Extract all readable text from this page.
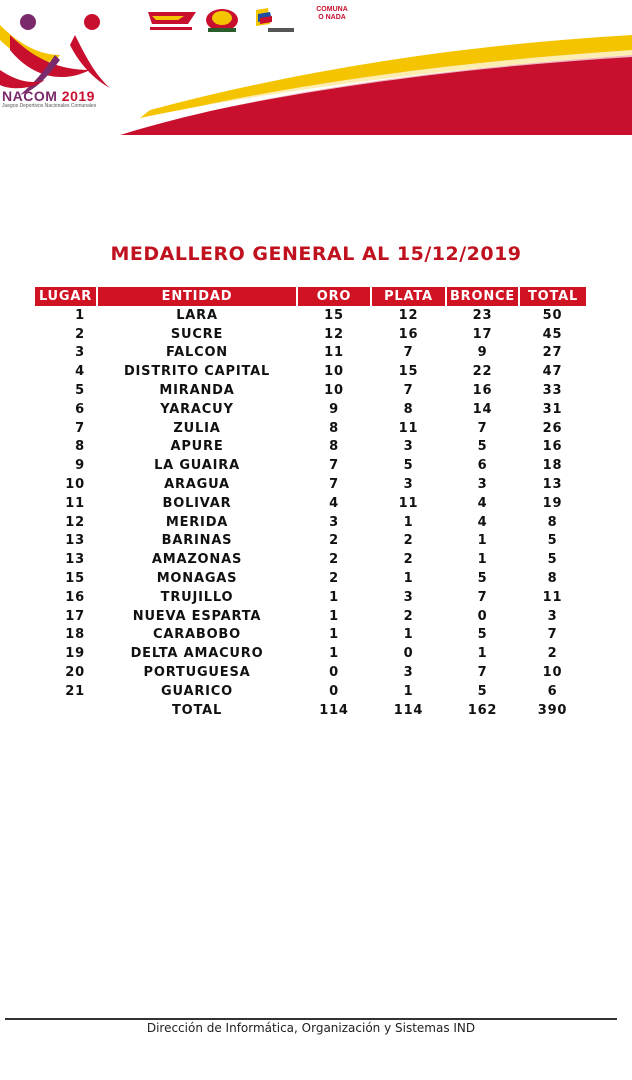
NACOM 2019
Juegos Deportivos Nacionales Comunales
COMUNA
O NADA
MEDALLERO GENERAL AL 15/12/2019
LUGAR	ENTIDAD	ORO	PLATA	BRONCE	TOTAL
1	LARA	15	12	23	50
2	SUCRE	12	16	17	45
3	FALCON	11	7	9	27
4	DISTRITO CAPITAL	10	15	22	47
5	MIRANDA	10	7	16	33
6	YARACUY	9	8	14	31
7	ZULIA	8	11	7	26
8	APURE	8	3	5	16
9	LA GUAIRA	7	5	6	18
10	ARAGUA	7	3	3	13
11	BOLIVAR	4	11	4	19
12	MERIDA	3	1	4	8
13	BARINAS	2	2	1	5
13	AMAZONAS	2	2	1	5
15	MONAGAS	2	1	5	8
16	TRUJILLO	1	3	7	11
17	NUEVA ESPARTA	1	2	0	3
18	CARABOBO	1	1	5	7
19	DELTA AMACURO	1	0	1	2
20	PORTUGUESA	0	3	7	10
21	GUARICO	0	1	5	6
	TOTAL	114	114	162	390
Dirección de Informática, Organización y Sistemas IND
